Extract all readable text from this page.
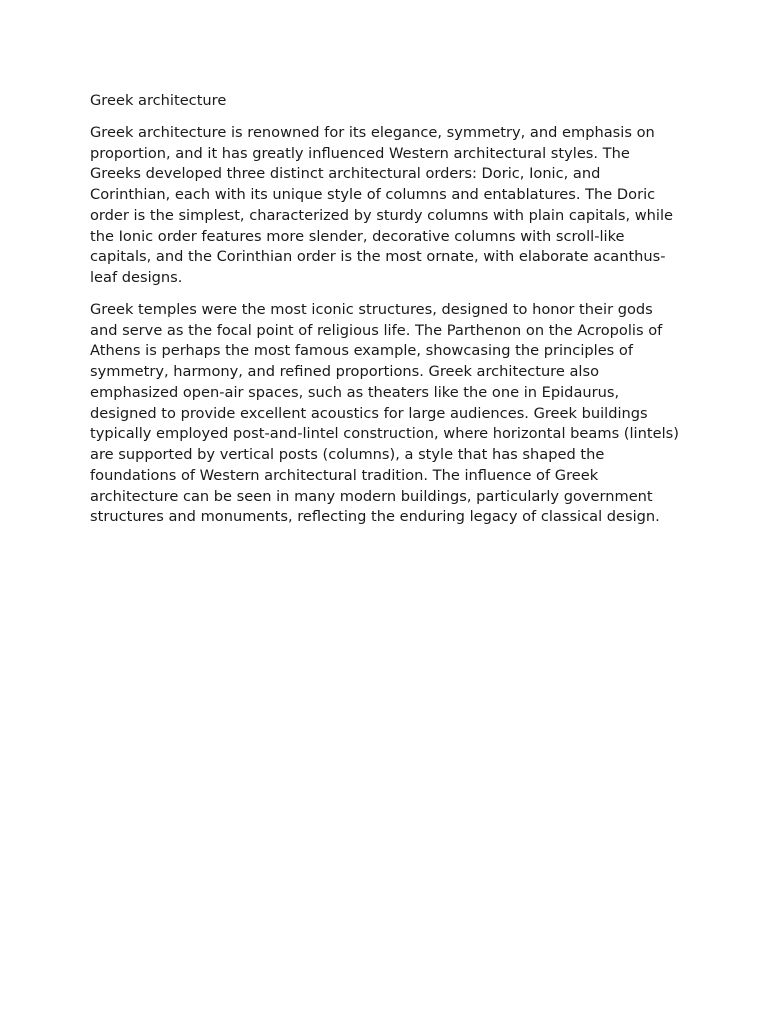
Greek architecture

Greek architecture is renowned for its elegance, symmetry, and emphasis on proportion, and it has greatly influenced Western architectural styles. The Greeks developed three distinct architectural orders: Doric, Ionic, and Corinthian, each with its unique style of columns and entablatures. The Doric order is the simplest, characterized by sturdy columns with plain capitals, while the Ionic order features more slender, decorative columns with scroll-like capitals, and the Corinthian order is the most ornate, with elaborate acanthus-leaf designs.

Greek temples were the most iconic structures, designed to honor their gods and serve as the focal point of religious life. The Parthenon on the Acropolis of Athens is perhaps the most famous example, showcasing the principles of symmetry, harmony, and refined proportions. Greek architecture also emphasized open-air spaces, such as theaters like the one in Epidaurus, designed to provide excellent acoustics for large audiences. Greek buildings typically employed post-and-lintel construction, where horizontal beams (lintels) are supported by vertical posts (columns), a style that has shaped the foundations of Western architectural tradition. The influence of Greek architecture can be seen in many modern buildings, particularly government structures and monuments, reflecting the enduring legacy of classical design.
